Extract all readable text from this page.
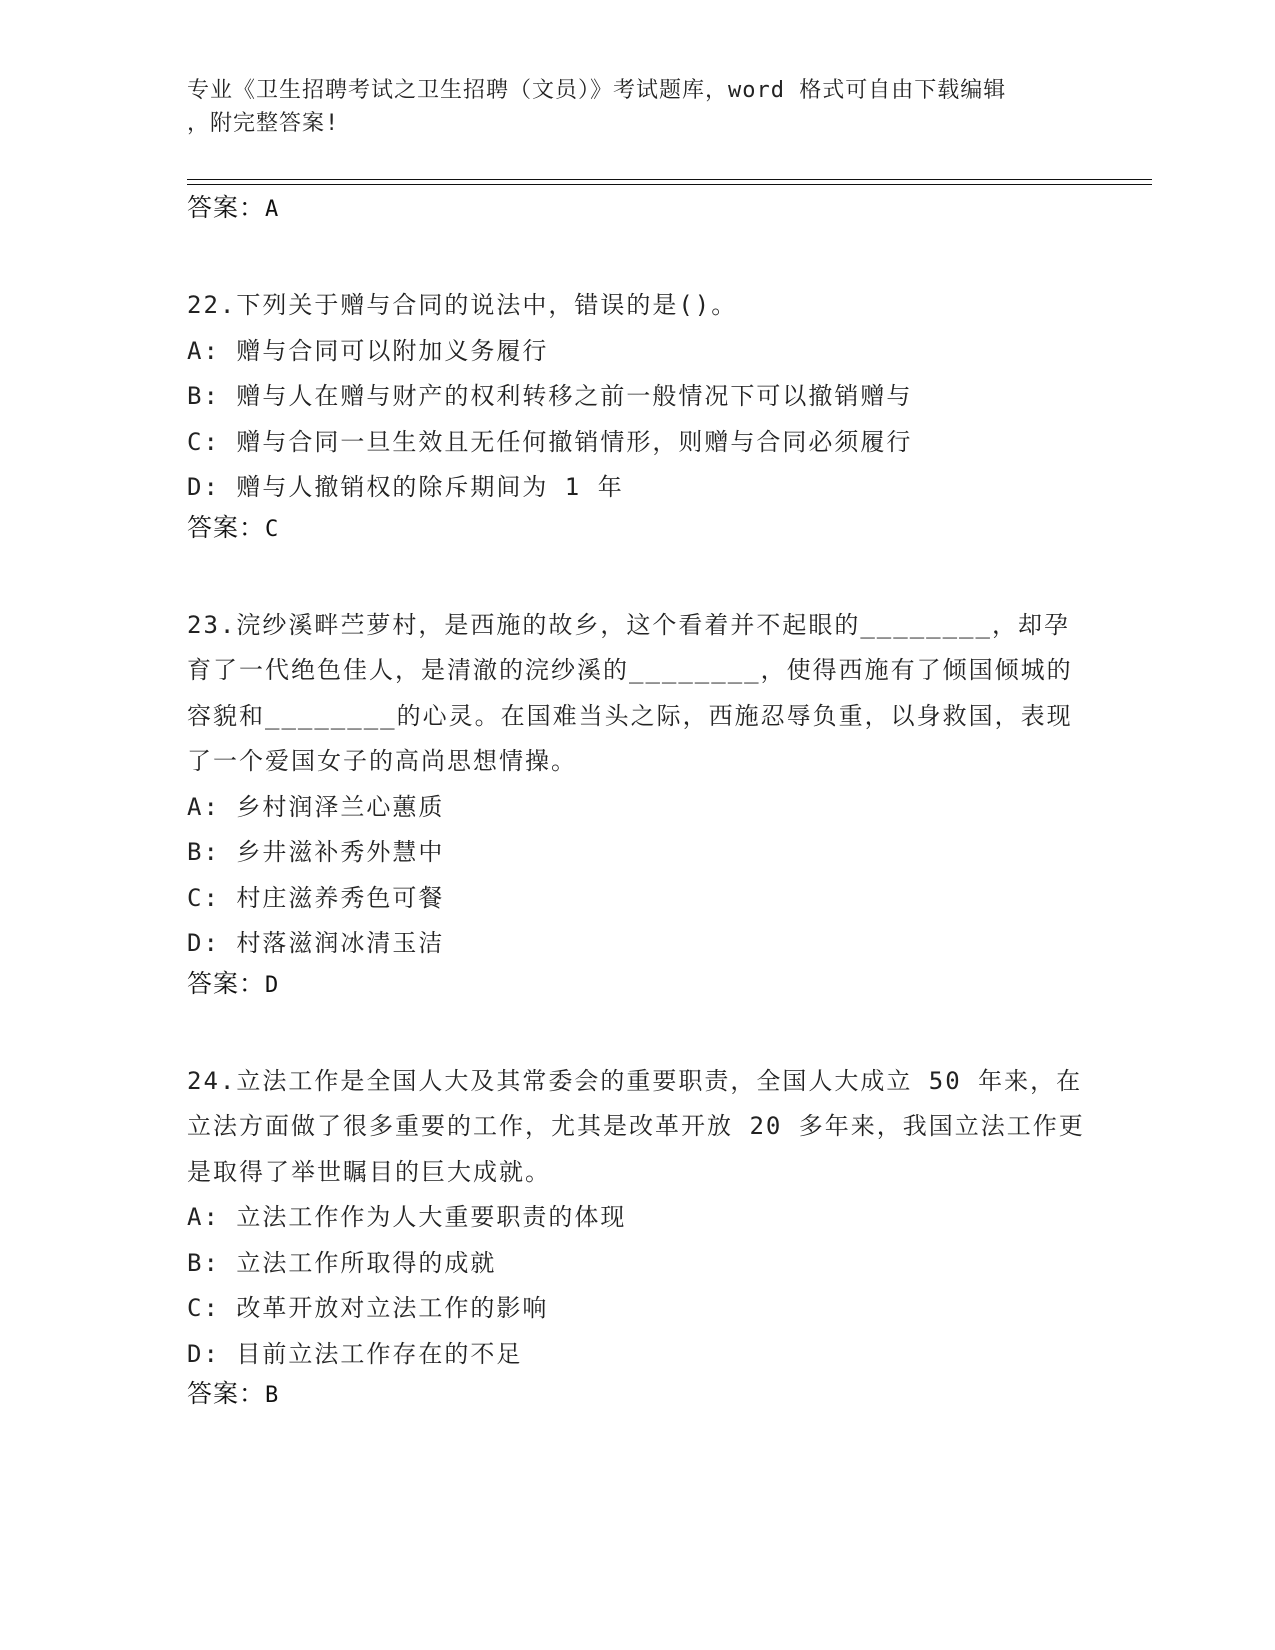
专业《卫生招聘考试之卫生招聘（文员）》考试题库，word 格式可自由下载编辑
，附完整答案!
答案：A
22.下列关于赠与合同的说法中，错误的是()。
A: 赠与合同可以附加义务履行
B: 赠与人在赠与财产的权利转移之前一般情况下可以撤销赠与
C: 赠与合同一旦生效且无任何撤销情形，则赠与合同必须履行
D: 赠与人撤销权的除斥期间为 1 年
答案：C
23.浣纱溪畔苎萝村，是西施的故乡，这个看着并不起眼的________，却孕育了一代绝色佳人，是清澈的浣纱溪的________，使得西施有了倾国倾城的容貌和________的心灵。在国难当头之际，西施忍辱负重，以身救国，表现了一个爱国女子的高尚思想情操。
A: 乡村润泽兰心蕙质
B: 乡井滋补秀外慧中
C: 村庄滋养秀色可餐
D: 村落滋润冰清玉洁
答案：D
24.立法工作是全国人大及其常委会的重要职责，全国人大成立 50 年来，在立法方面做了很多重要的工作，尤其是改革开放 20 多年来，我国立法工作更是取得了举世瞩目的巨大成就。
A: 立法工作作为人大重要职责的体现
B: 立法工作所取得的成就
C: 改革开放对立法工作的影响
D: 目前立法工作存在的不足
答案：B
